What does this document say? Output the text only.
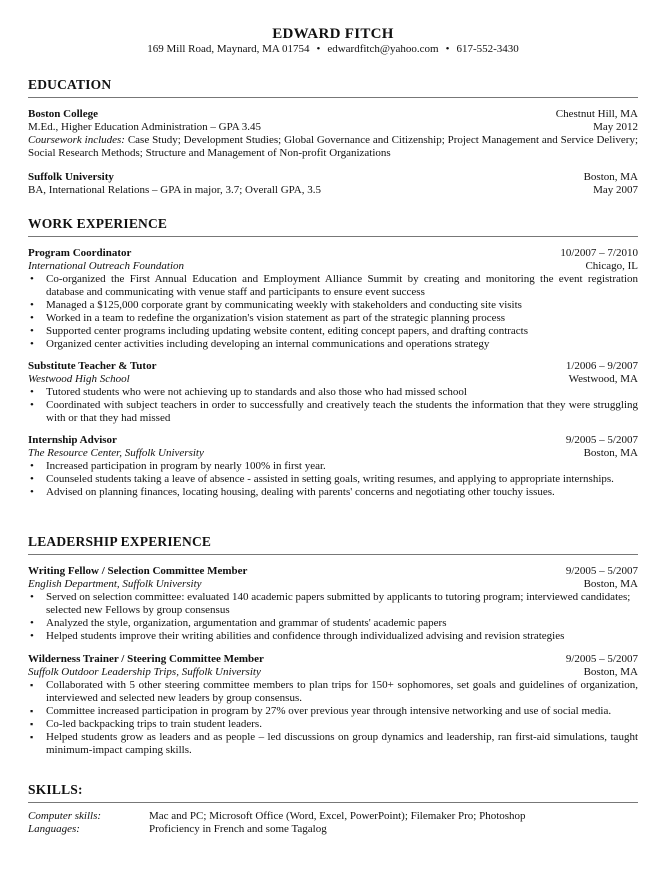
EDWARD FITCH
169 Mill Road, Maynard, MA 01754 • edwardfitch@yahoo.com • 617-552-3430
EDUCATION
Boston College	Chestnut Hill, MA
M.Ed., Higher Education Administration – GPA 3.45	May 2012
Coursework includes: Case Study; Development Studies; Global Governance and Citizenship; Project Management and Service Delivery; Social Research Methods; Structure and Management of Non-profit Organizations
Suffolk University	Boston, MA
BA, International Relations – GPA in major, 3.7; Overall GPA, 3.5	May 2007
WORK EXPERIENCE
Program Coordinator	10/2007 – 7/2010
International Outreach Foundation	Chicago, IL
• Co-organized the First Annual Education and Employment Alliance Summit by creating and monitoring the event registration database and communicating with venue staff and participants to ensure event success
• Managed a $125,000 corporate grant by communicating weekly with stakeholders and conducting site visits
• Worked in a team to redefine the organization's vision statement as part of the strategic planning process
• Supported center programs including updating website content, editing concept papers, and drafting contracts
• Organized center activities including developing an internal communications and operations strategy
Substitute Teacher & Tutor	1/2006 – 9/2007
Westwood High School	Westwood, MA
• Tutored students who were not achieving up to standards and also those who had missed school
• Coordinated with subject teachers in order to successfully and creatively teach the students the information that they were struggling with or that they had missed
Internship Advisor	9/2005 – 5/2007
The Resource Center, Suffolk University	Boston, MA
• Increased participation in program by nearly 100% in first year.
• Counseled students taking a leave of absence - assisted in setting goals, writing resumes, and applying to appropriate internships.
• Advised on planning finances, locating housing, dealing with parents' concerns and negotiating other touchy issues.
LEADERSHIP EXPERIENCE
Writing Fellow / Selection Committee Member	9/2005 – 5/2007
English Department, Suffolk University	Boston, MA
• Served on selection committee: evaluated 140 academic papers submitted by applicants to tutoring program; interviewed candidates; selected new Fellows by group consensus
• Analyzed the style, organization, argumentation and grammar of students' academic papers
• Helped students improve their writing abilities and confidence through individualized advising and revision strategies
Wilderness Trainer / Steering Committee Member	9/2005 – 5/2007
Suffolk Outdoor Leadership Trips, Suffolk University	Boston, MA
▪ Collaborated with 5 other steering committee members to plan trips for 150+ sophomores, set goals and guidelines of organization, interviewed and selected new leaders by group consensus.
▪ Committee increased participation in program by 27% over previous year through intensive networking and use of social media.
▪ Co-led backpacking trips to train student leaders.
▪ Helped students grow as leaders and as people – led discussions on group dynamics and leadership, ran first-aid simulations, taught minimum-impact camping skills.
SKILLS:
Computer skills:	Mac and PC; Microsoft Office (Word, Excel, PowerPoint); Filemaker Pro; Photoshop
Languages:	Proficiency in French and some Tagalog
